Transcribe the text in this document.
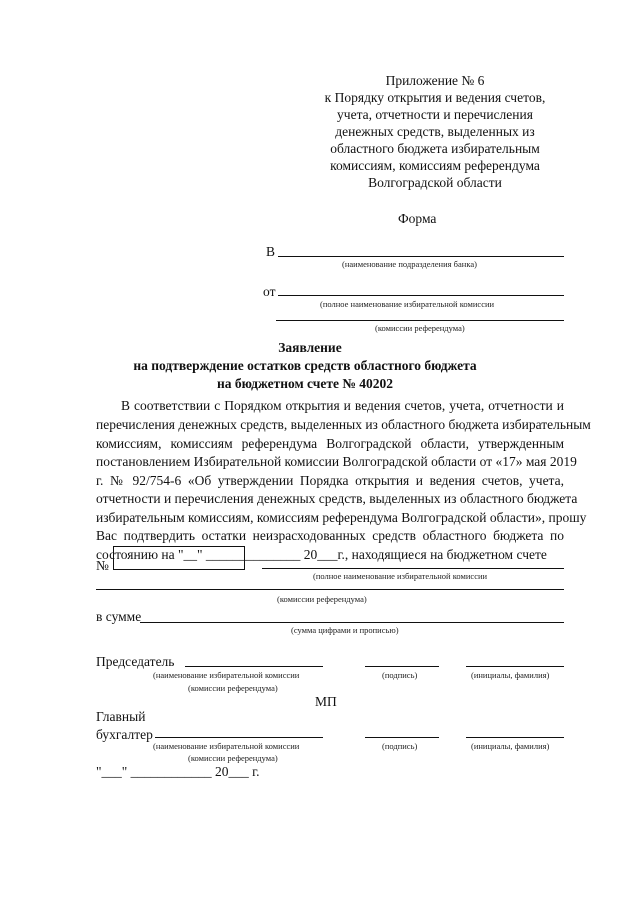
Приложение № 6
к Порядку открытия и ведения счетов,
учета, отчетности и перечисления
денежных средств, выделенных из
областного бюджета избирательным
комиссиям, комиссиям референдума
Волгоградской области
Форма
В
(наименование подразделения банка)
от
(полное наименование избирательной комиссии
(комиссии референдума)
Заявление
на подтверждение остатков средств областного бюджета
на бюджетном счете № 40202
В соответствии с Порядком открытия и ведения счетов, учета, отчетности и
перечисления денежных средств, выделенных из областного бюджета избирательным
комиссиям, комиссиям референдума Волгоградской области, утвержденным
постановлением Избирательной комиссии Волгоградской области от «17» мая 2019
г. № 92/754-6 «Об утверждении Порядка открытия и ведения счетов, учета,
отчетности и перечисления денежных средств, выделенных из областного бюджета
избирательным комиссиям, комиссиям референдума Волгоградской области», прошу
Вас подтвердить остатки неизрасходованных средств областного бюджета по
состоянию на "__" ______________ 20___г., находящиеся на бюджетном счете
№
(полное наименование избирательной комиссии
(комиссии референдума)
в сумме
(сумма цифрами и прописью)
Председатель
(наименование избирательной комиссии	(подпись)	(инициалы, фамилия)
(комиссии референдума)
МП
Главный
бухгалтер
(наименование избирательной комиссии	(подпись)	(инициалы, фамилия)
(комиссии референдума)
"___" ____________ 20___ г.
